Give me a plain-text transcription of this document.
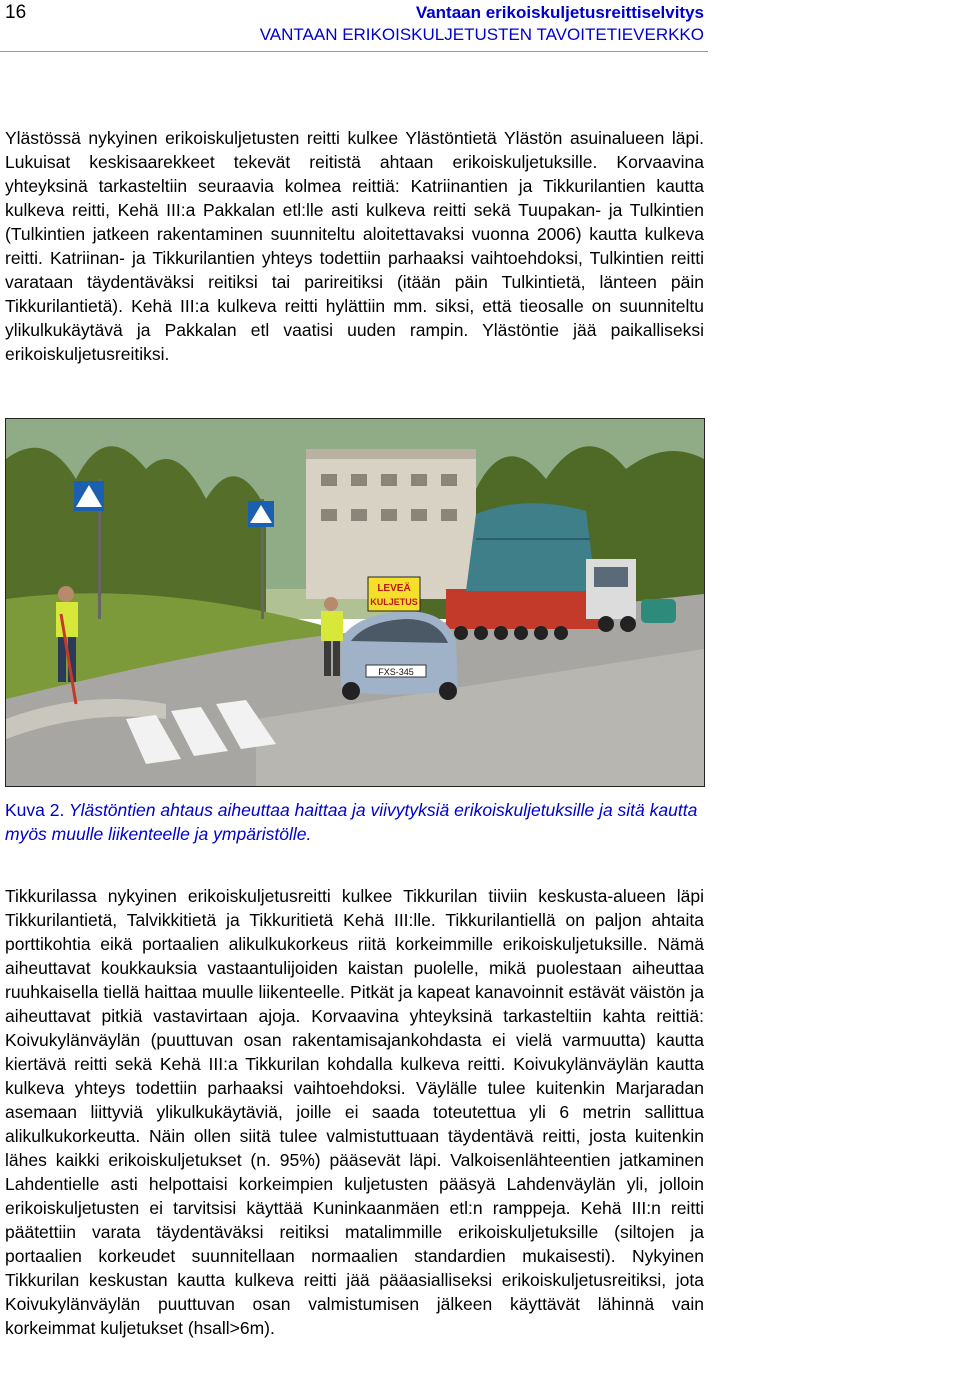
16	Vantaan erikoiskuljetusreittiselvitys
VANTAAN ERIKOISKULJETUSTEN TAVOITETIEVERKKO

Ylästössä nykyinen erikoiskuljetusten reitti kulkee Ylästöntietä Ylästön asuinalueen läpi. Lukuisat keskisaarekkeet tekevät reitistä ahtaan erikoiskuljetuksille. Korvaavina yhteyksinä tarkasteltiin seuraavia kolmea reittiä: Katriinantien ja Tikkurilantien kautta kulkeva reitti, Kehä III:a Pakkalan etl:lle asti kulkeva reitti sekä Tuupakan- ja Tulkintien (Tulkintien jatkeen rakentaminen suunniteltu aloitettavaksi vuonna 2006) kautta kulkeva reitti. Katriinan- ja Tikkurilantien yhteys todettiin parhaaksi vaihtoehdoksi, Tulkintien reitti varataan täydentäväksi reitiksi tai parireitiksi (itään päin Tulkintietä, länteen päin Tikkurilantietä). Kehä III:a kulkeva reitti hylättiin mm. siksi, että tieosalle on suunniteltu ylikulkukäytävä ja Pakkalan etl vaatisi uuden rampin. Ylästöntie jää paikalliseksi erikoiskuljetusreitiksi.

FXS-345
LEVEÄ
KULJETUS

Kuva 2. Ylästöntien ahtaus aiheuttaa haittaa ja viivytyksiä erikoiskuljetuksille ja sitä kautta myös muulle liikenteelle ja ympäristölle.

Tikkurilassa nykyinen erikoiskuljetusreitti kulkee Tikkurilan tiiviin keskusta-alueen läpi Tikkurilantietä, Talvikkitietä ja Tikkuritietä Kehä III:lle. Tikkurilantiellä on paljon ahtaita porttikohtia eikä portaalien alikulkukorkeus riitä korkeimmille erikoiskuljetuksille. Nämä aiheuttavat koukkauksia vastaantulijoiden kaistan puolelle, mikä puolestaan aiheuttaa ruuhkaisella tiellä haittaa muulle liikenteelle. Pitkät ja kapeat kanavoinnit estävät väistön ja aiheuttavat pitkiä vastavirtaan ajoja. Korvaavina yhteyksinä tarkasteltiin kahta reittiä: Koivukylänväylän (puuttuvan osan rakentamisajankohdasta ei vielä varmuutta) kautta kiertävä reitti sekä Kehä III:a Tikkurilan kohdalla kulkeva reitti. Koivukylänväylän kautta kulkeva yhteys todettiin parhaaksi vaihtoehdoksi. Väylälle tulee kuitenkin Marjaradan asemaan liittyviä ylikulkukäytäviä, joille ei saada toteutettua yli 6 metrin sallittua alikulkukorkeutta. Näin ollen siitä tulee valmistuttuaan täydentävä reitti, josta kuitenkin lähes kaikki erikoiskuljetukset (n. 95%) pääsevät läpi. Valkoisenlähteentien jatkaminen Lahdentielle asti helpottaisi korkeimpien kuljetusten pääsyä Lahdenväylän yli, jolloin erikoiskuljetusten ei tarvitsisi käyttää Kuninkaanmäen etl:n ramppeja. Kehä III:n reitti päätettiin varata täydentäväksi reitiksi matalimmille erikoiskuljetuksille (siltojen ja portaalien korkeudet suunnitellaan normaalien standardien mukaisesti). Nykyinen Tikkurilan keskustan kautta kulkeva reitti jää pääasialliseksi erikoiskuljetusreitiksi, jota Koivukylänväylän puuttuvan osan valmistumisen jälkeen käyttävät lähinnä vain korkeimmat kuljetukset (hsall>6m).
